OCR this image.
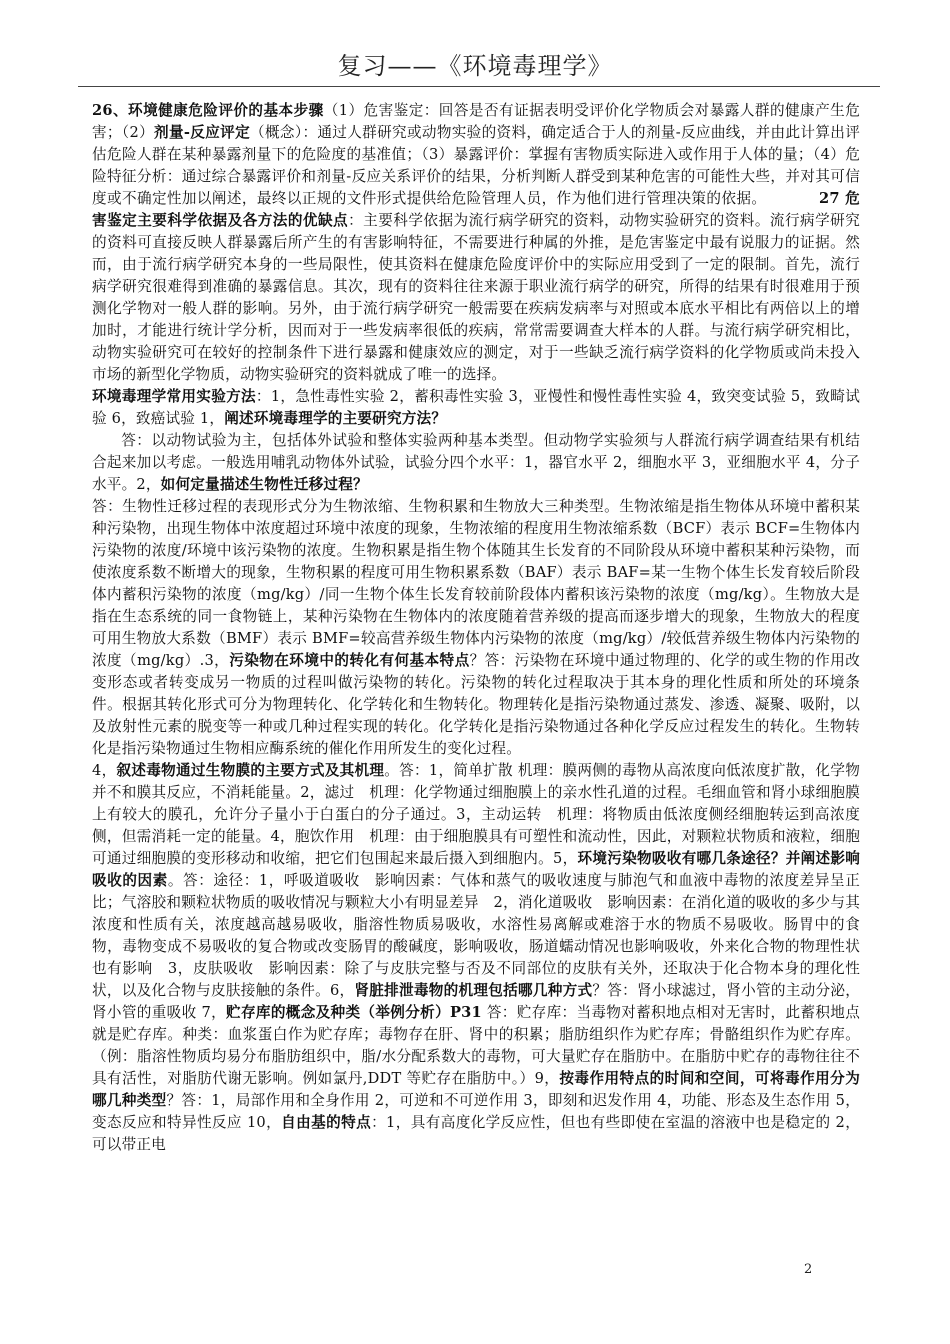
复习——《环境毒理学》

26、环境健康危险评价的基本步骤（1）危害鉴定：回答是否有证据表明受评价化学物质会对暴露人群的健康产生危害；（2）剂量-反应评定（概念）：通过人群研究或动物实验的资料，确定适合于人的剂量-反应曲线，并由此计算出评估危险人群在某种暴露剂量下的危险度的基准值；（3）暴露评价：掌握有害物质实际进入或作用于人体的量；（4）危险特征分析：通过综合暴露评价和剂量-反应关系评价的结果，分析判断人群受到某种危害的可能性大些，并对其可信度或不确定性加以阐述，最终以正规的文件形式提供给危险管理人员，作为他们进行管理决策的依据。　　　　27 危害鉴定主要科学依据及各方法的优缺点：主要科学依据为流行病学研究的资料，动物实验研究的资料。流行病学研究的资料可直接反映人群暴露后所产生的有害影响特征，不需要进行种属的外推，是危害鉴定中最有说服力的证据。然而，由于流行病学研究本身的一些局限性，使其资料在健康危险度评价中的实际应用受到了一定的限制。首先，流行病学研究很难得到准确的暴露信息。其次，现有的资料往往来源于职业流行病学的研究，所得的结果有时很难用于预测化学物对一般人群的影响。另外，由于流行病学研究一般需要在疾病发病率与对照或本底水平相比有两倍以上的增加时，才能进行统计学分析，因而对于一些发病率很低的疾病，常常需要调查大样本的人群。与流行病学研究相比，动物实验研究可在较好的控制条件下进行暴露和健康效应的测定，对于一些缺乏流行病学资料的化学物质或尚未投入市场的新型化学物质，动物实验研究的资料就成了唯一的选择。

环境毒理学常用实验方法：1，急性毒性实验 2，蓄积毒性实验 3，亚慢性和慢性毒性实验 4，致突变试验 5，致畸试验 6，致癌试验 1，阐述环境毒理学的主要研究方法？

答：以动物试验为主，包括体外试验和整体实验两种基本类型。但动物学实验须与人群流行病学调查结果有机结合起来加以考虑。一般选用哺乳动物体外试验，试验分四个水平：1，器官水平 2，细胞水平 3，亚细胞水平 4，分子水平。2，如何定量描述生物性迁移过程？

答：生物性迁移过程的表现形式分为生物浓缩、生物积累和生物放大三种类型。生物浓缩是指生物体从环境中蓄积某种污染物，出现生物体中浓度超过环境中浓度的现象，生物浓缩的程度用生物浓缩系数（BCF）表示 BCF=生物体内污染物的浓度/环境中该污染物的浓度。生物积累是指生物个体随其生长发育的不同阶段从环境中蓄积某种污染物，而使浓度系数不断增大的现象，生物积累的程度可用生物积累系数（BAF）表示 BAF=某一生物个体生长发育较后阶段体内蓄积污染物的浓度（mg/kg）/同一生物个体生长发育较前阶段体内蓄积该污染物的浓度（mg/kg）。生物放大是指在生态系统的同一食物链上，某种污染物在生物体内的浓度随着营养级的提高而逐步增大的现象，生物放大的程度可用生物放大系数（BMF）表示 BMF=较高营养级生物体内污染物的浓度（mg/kg）/较低营养级生物体内污染物的浓度（mg/kg）.3，污染物在环境中的转化有何基本特点？答：污染物在环境中通过物理的、化学的或生物的作用改变形态或者转变成另一物质的过程叫做污染物的转化。污染物的转化过程取决于其本身的理化性质和所处的环境条件。根据其转化形式可分为物理转化、化学转化和生物转化。物理转化是指污染物通过蒸发、渗透、凝聚、吸附，以及放射性元素的脱变等一种或几种过程实现的转化。化学转化是指污染物通过各种化学反应过程发生的转化。生物转化是指污染物通过生物相应酶系统的催化作用所发生的变化过程。

4，叙述毒物通过生物膜的主要方式及其机理。答：1，简单扩散 机理：膜两侧的毒物从高浓度向低浓度扩散，化学物并不和膜其反应，不消耗能量。2，滤过　机理：化学物通过细胞膜上的亲水性孔道的过程。毛细血管和肾小球细胞膜上有较大的膜孔，允许分子量小于白蛋白的分子通过。3，主动运转　机理：将物质由低浓度侧经细胞转运到高浓度侧，但需消耗一定的能量。4，胞饮作用　机理：由于细胞膜具有可塑性和流动性，因此，对颗粒状物质和液粒，细胞可通过细胞膜的变形移动和收缩，把它们包围起来最后摄入到细胞内。5，环境污染物吸收有哪几条途径？并阐述影响吸收的因素。答：途径：1，呼吸道吸收　影响因素：气体和蒸气的吸收速度与肺泡气和血液中毒物的浓度差异呈正比；气溶胶和颗粒状物质的吸收情况与颗粒大小有明显差异　2，消化道吸收　影响因素：在消化道的吸收的多少与其浓度和性质有关，浓度越高越易吸收，脂溶性物质易吸收，水溶性易离解或难溶于水的物质不易吸收。肠胃中的食物，毒物变成不易吸收的复合物或改变肠胃的酸碱度，影响吸收，肠道蠕动情况也影响吸收，外来化合物的物理性状也有影响　3，皮肤吸收　影响因素：除了与皮肤完整与否及不同部位的皮肤有关外，还取决于化合物本身的理化性状，以及化合物与皮肤接触的条件。6，肾脏排泄毒物的机理包括哪几种方式？答：肾小球滤过，肾小管的主动分泌，肾小管的重吸收 7，贮存库的概念及种类（举例分析）P31 答：贮存库：当毒物对蓄积地点相对无害时，此蓄积地点就是贮存库。种类：血浆蛋白作为贮存库；毒物存在肝、肾中的积累；脂肪组织作为贮存库；骨骼组织作为贮存库。（例：脂溶性物质均易分布脂肪组织中，脂/水分配系数大的毒物，可大量贮存在脂肪中。在脂肪中贮存的毒物往往不具有活性，对脂肪代谢无影响。例如氯丹,DDT 等贮存在脂肪中。）9，按毒作用特点的时间和空间，可将毒作用分为哪几种类型？答：1，局部作用和全身作用 2，可逆和不可逆作用 3，即刻和迟发作用 4，功能、形态及生态作用 5，变态反应和特异性反应 10，自由基的特点：1，具有高度化学反应性，但也有些即使在室温的溶液中也是稳定的 2，可以带正电

2
